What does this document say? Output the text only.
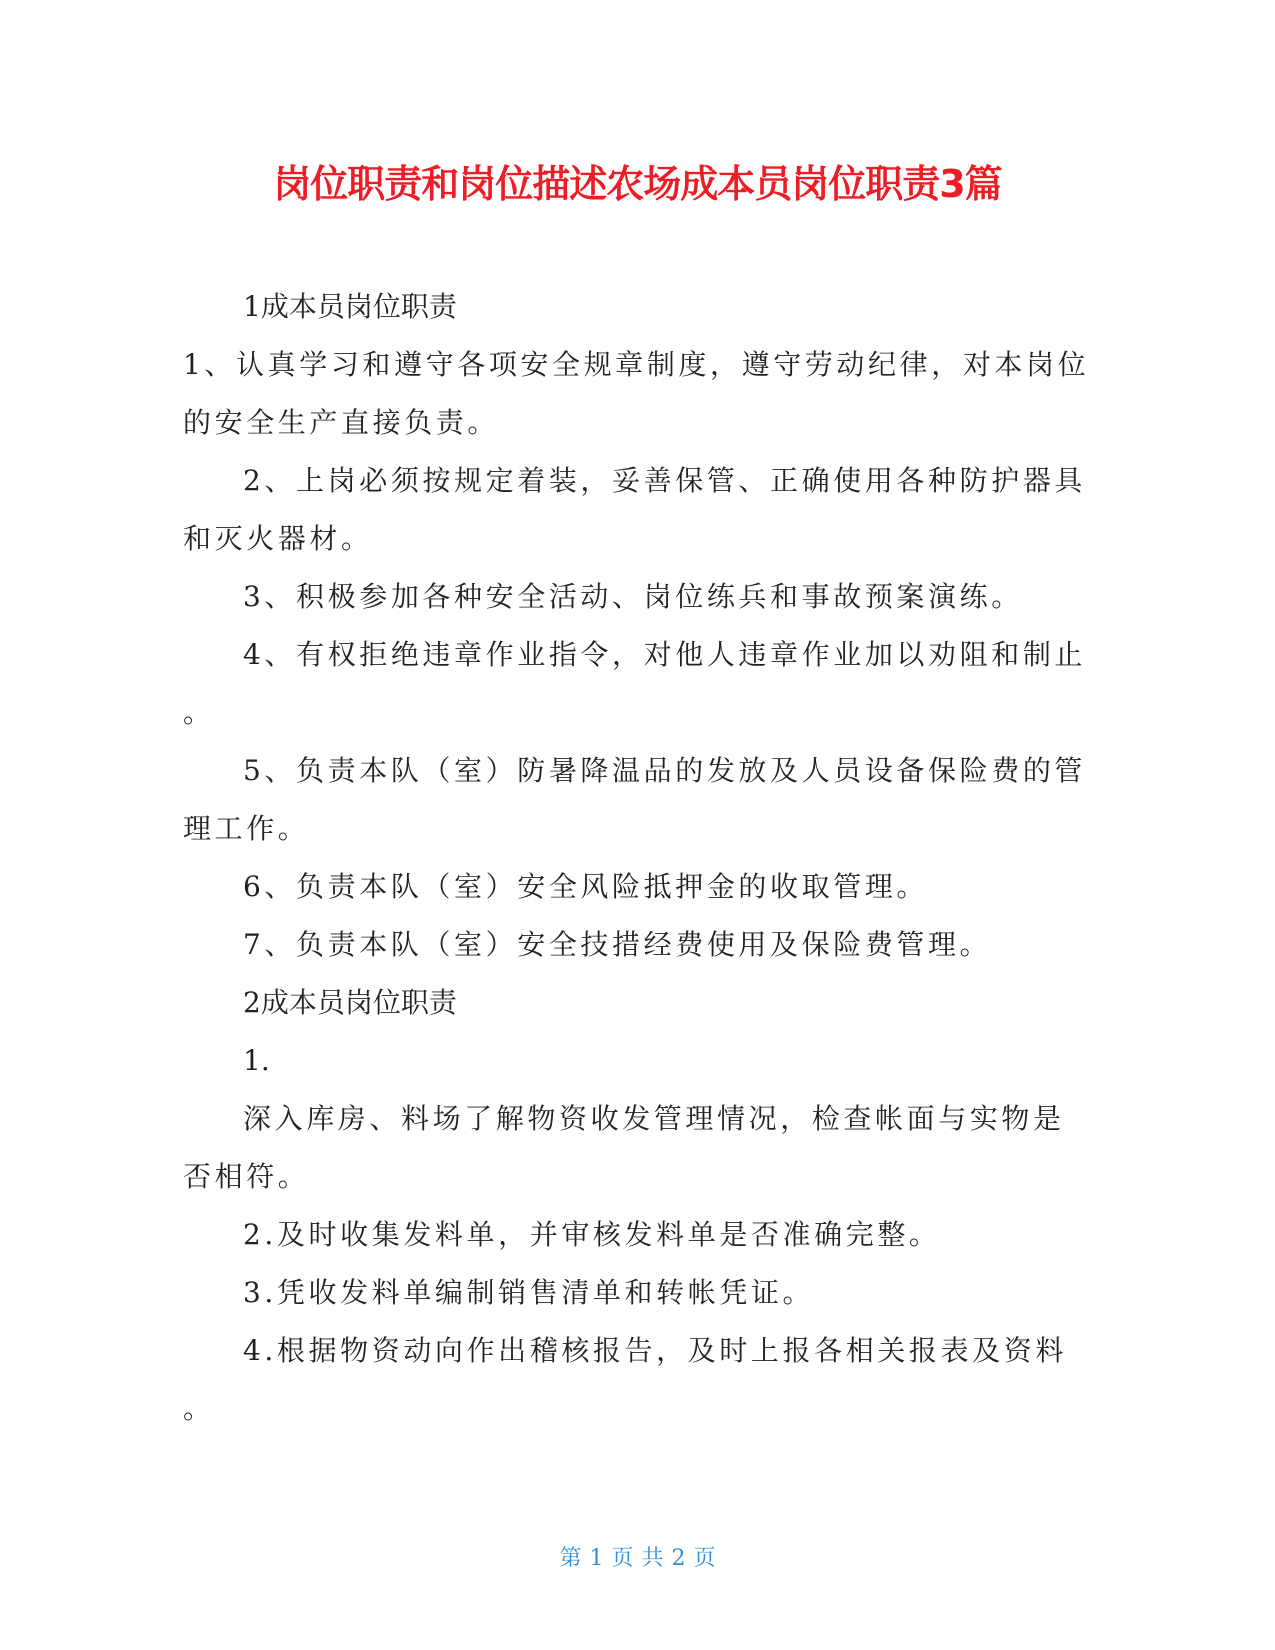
岗位职责和岗位描述农场成本员岗位职责3篇
1成本员岗位职责
1、认真学习和遵守各项安全规章制度，遵守劳动纪律，对本岗位
的安全生产直接负责。
2、上岗必须按规定着装，妥善保管、正确使用各种防护器具
和灭火器材。
3、积极参加各种安全活动、岗位练兵和事故预案演练。
4、有权拒绝违章作业指令，对他人违章作业加以劝阻和制止
。
5、负责本队（室）防暑降温品的发放及人员设备保险费的管
理工作。
6、负责本队（室）安全风险抵押金的收取管理。
7、负责本队（室）安全技措经费使用及保险费管理。
2成本员岗位职责
1.
深入库房、料场了解物资收发管理情况，检查帐面与实物是
否相符。
2.及时收集发料单，并审核发料单是否准确完整。
3.凭收发料单编制销售清单和转帐凭证。
4.根据物资动向作出稽核报告，及时上报各相关报表及资料
。
第 1 页 共 2 页
